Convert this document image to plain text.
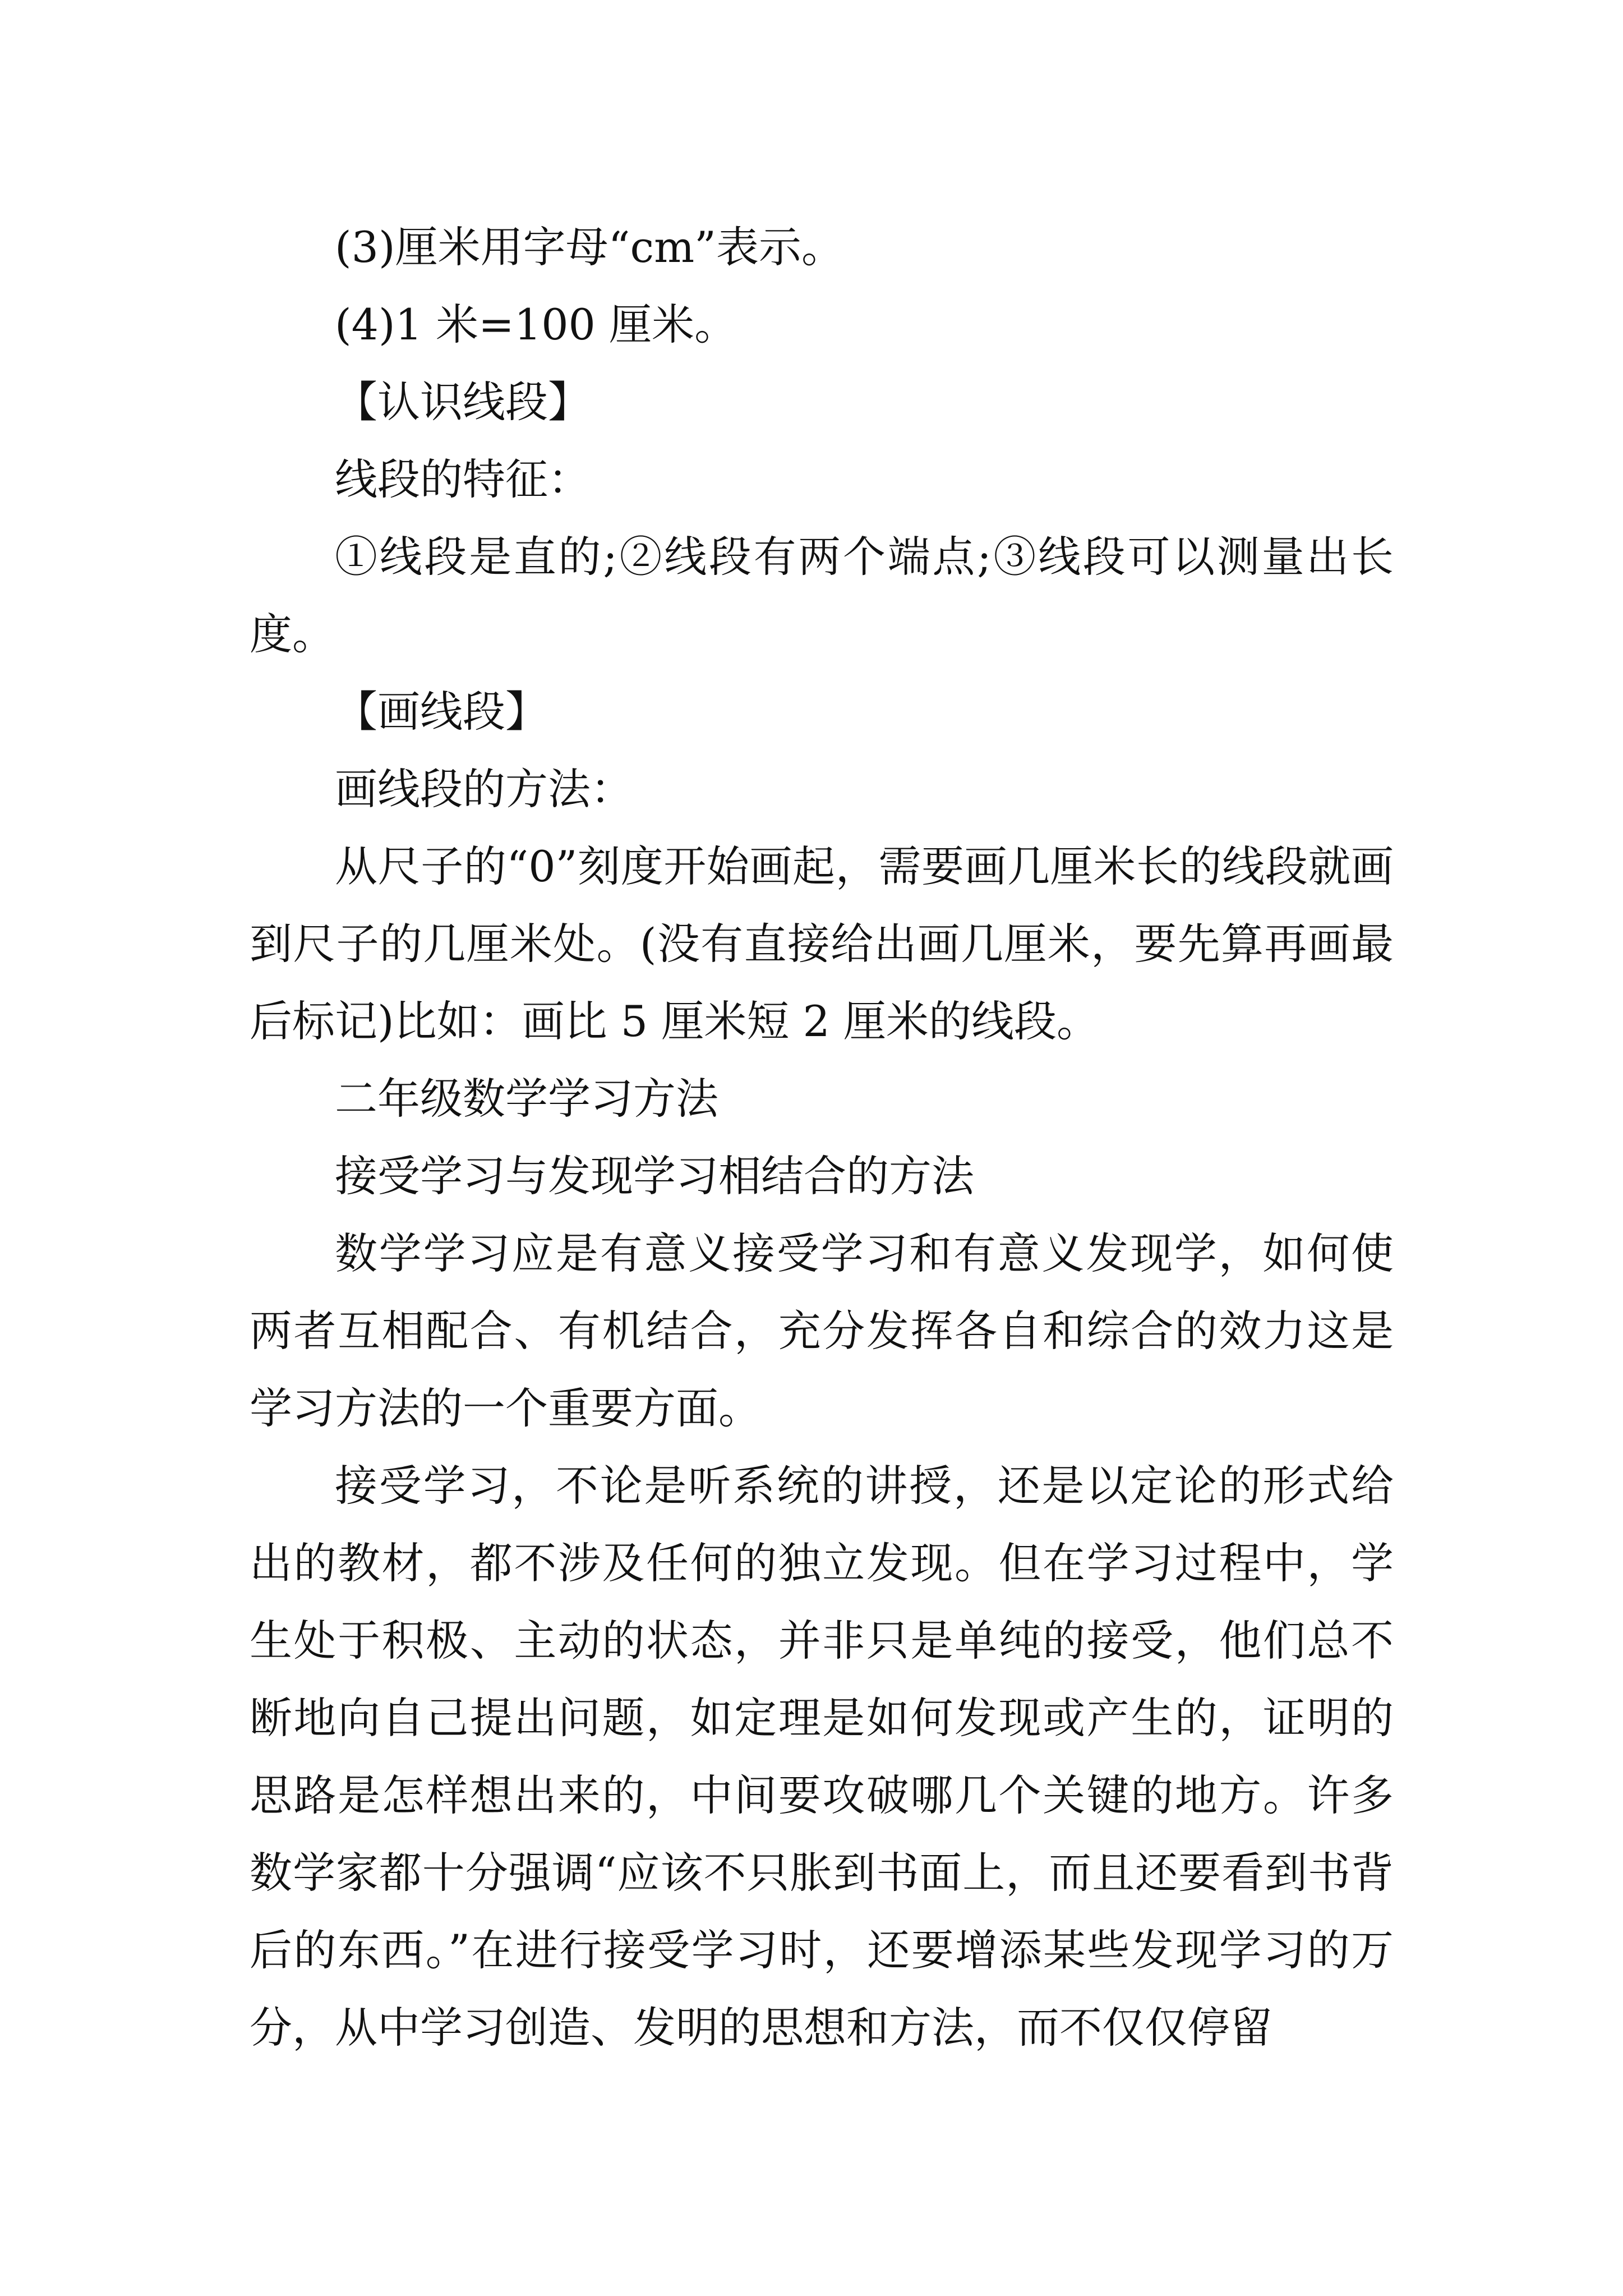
(3)厘米用字母“cm”表示。

(4)1 米=100 厘米。

【认识线段】

线段的特征：

①线段是直的;②线段有两个端点;③线段可以测量出长度。

【画线段】

画线段的方法：

从尺子的“0”刻度开始画起，需要画几厘米长的线段就画到尺子的几厘米处。(没有直接给出画几厘米，要先算再画最后标记)比如：画比 5 厘米短 2 厘米的线段。

二年级数学学习方法

接受学习与发现学习相结合的方法

数学学习应是有意义接受学习和有意义发现学，如何使两者互相配合、有机结合，充分发挥各自和综合的效力这是学习方法的一个重要方面。

接受学习，不论是听系统的讲授，还是以定论的形式给出的教材，都不涉及任何的独立发现。但在学习过程中，学生处于积极、主动的状态，并非只是单纯的接受，他们总不断地向自己提出问题，如定理是如何发现或产生的，证明的思路是怎样想出来的，中间要攻破哪几个关键的地方。许多数学家都十分强调“应该不只胀到书面上，而且还要看到书背后的东西。”在进行接受学习时，还要增添某些发现学习的万分，从中学习创造、发明的思想和方法，而不仅仅停留
